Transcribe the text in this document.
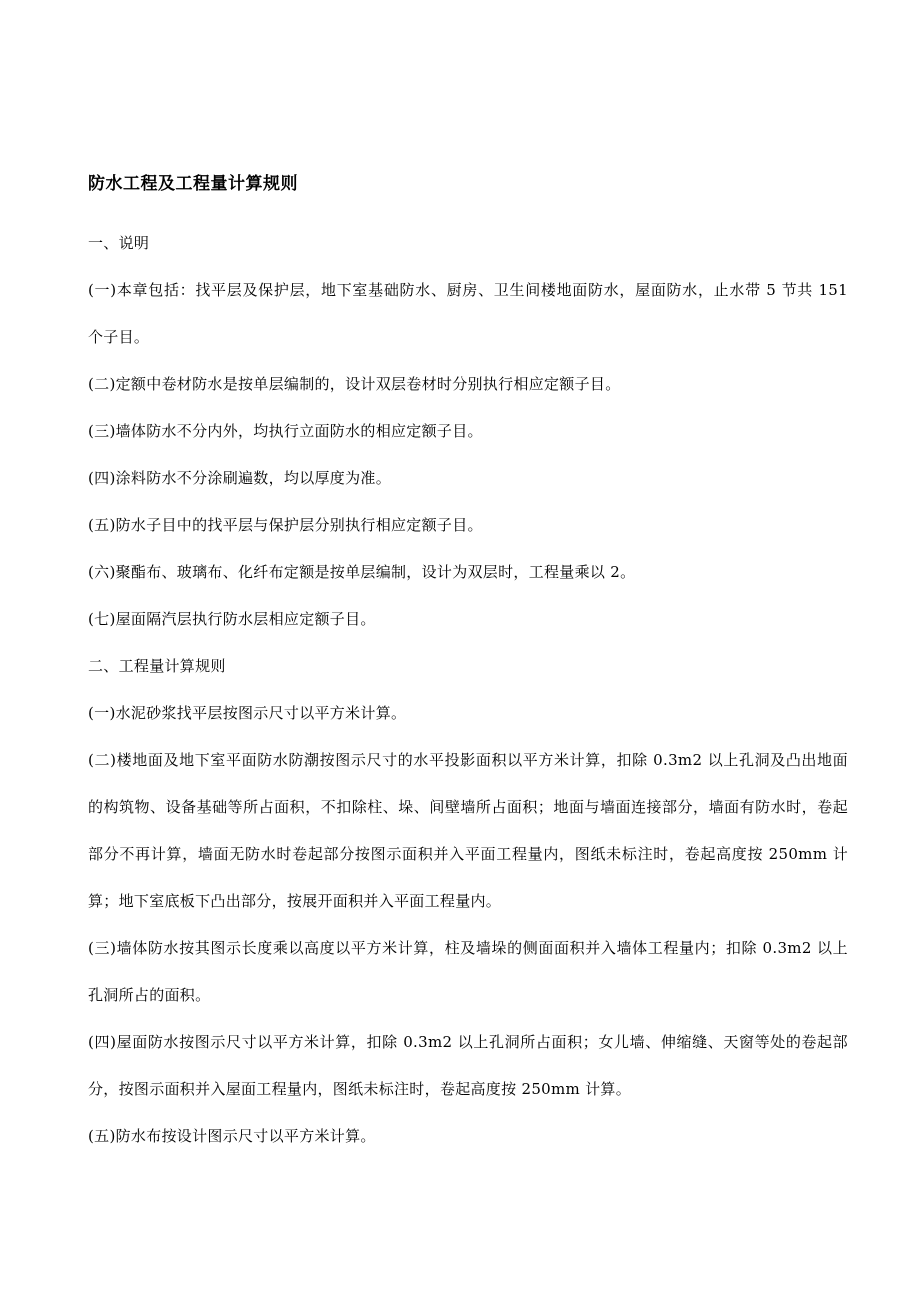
防水工程及工程量计算规则

一、说明

(一)本章包括：找平层及保护层，地下室基础防水、厨房、卫生间楼地面防水，屋面防水，止水带 5 节共 151 个子目。

(二)定额中卷材防水是按单层编制的，设计双层卷材时分别执行相应定额子目。

(三)墙体防水不分内外，均执行立面防水的相应定额子目。

(四)涂料防水不分涂刷遍数，均以厚度为准。

(五)防水子目中的找平层与保护层分别执行相应定额子目。

(六)聚酯布、玻璃布、化纤布定额是按单层编制，设计为双层时，工程量乘以 2。

(七)屋面隔汽层执行防水层相应定额子目。

二、工程量计算规则

(一)水泥砂浆找平层按图示尺寸以平方米计算。

(二)楼地面及地下室平面防水防潮按图示尺寸的水平投影面积以平方米计算，扣除 0.3m2 以上孔洞及凸出地面的构筑物、设备基础等所占面积，不扣除柱、垛、间壁墙所占面积；地面与墙面连接部分，墙面有防水时，卷起部分不再计算，墙面无防水时卷起部分按图示面积并入平面工程量内，图纸未标注时，卷起高度按 250mm 计算；地下室底板下凸出部分，按展开面积并入平面工程量内。

(三)墙体防水按其图示长度乘以高度以平方米计算，柱及墙垛的侧面面积并入墙体工程量内；扣除 0.3m2 以上孔洞所占的面积。

(四)屋面防水按图示尺寸以平方米计算，扣除 0.3m2 以上孔洞所占面积；女儿墙、伸缩缝、天窗等处的卷起部分，按图示面积并入屋面工程量内，图纸未标注时，卷起高度按 250mm 计算。

(五)防水布按设计图示尺寸以平方米计算。
